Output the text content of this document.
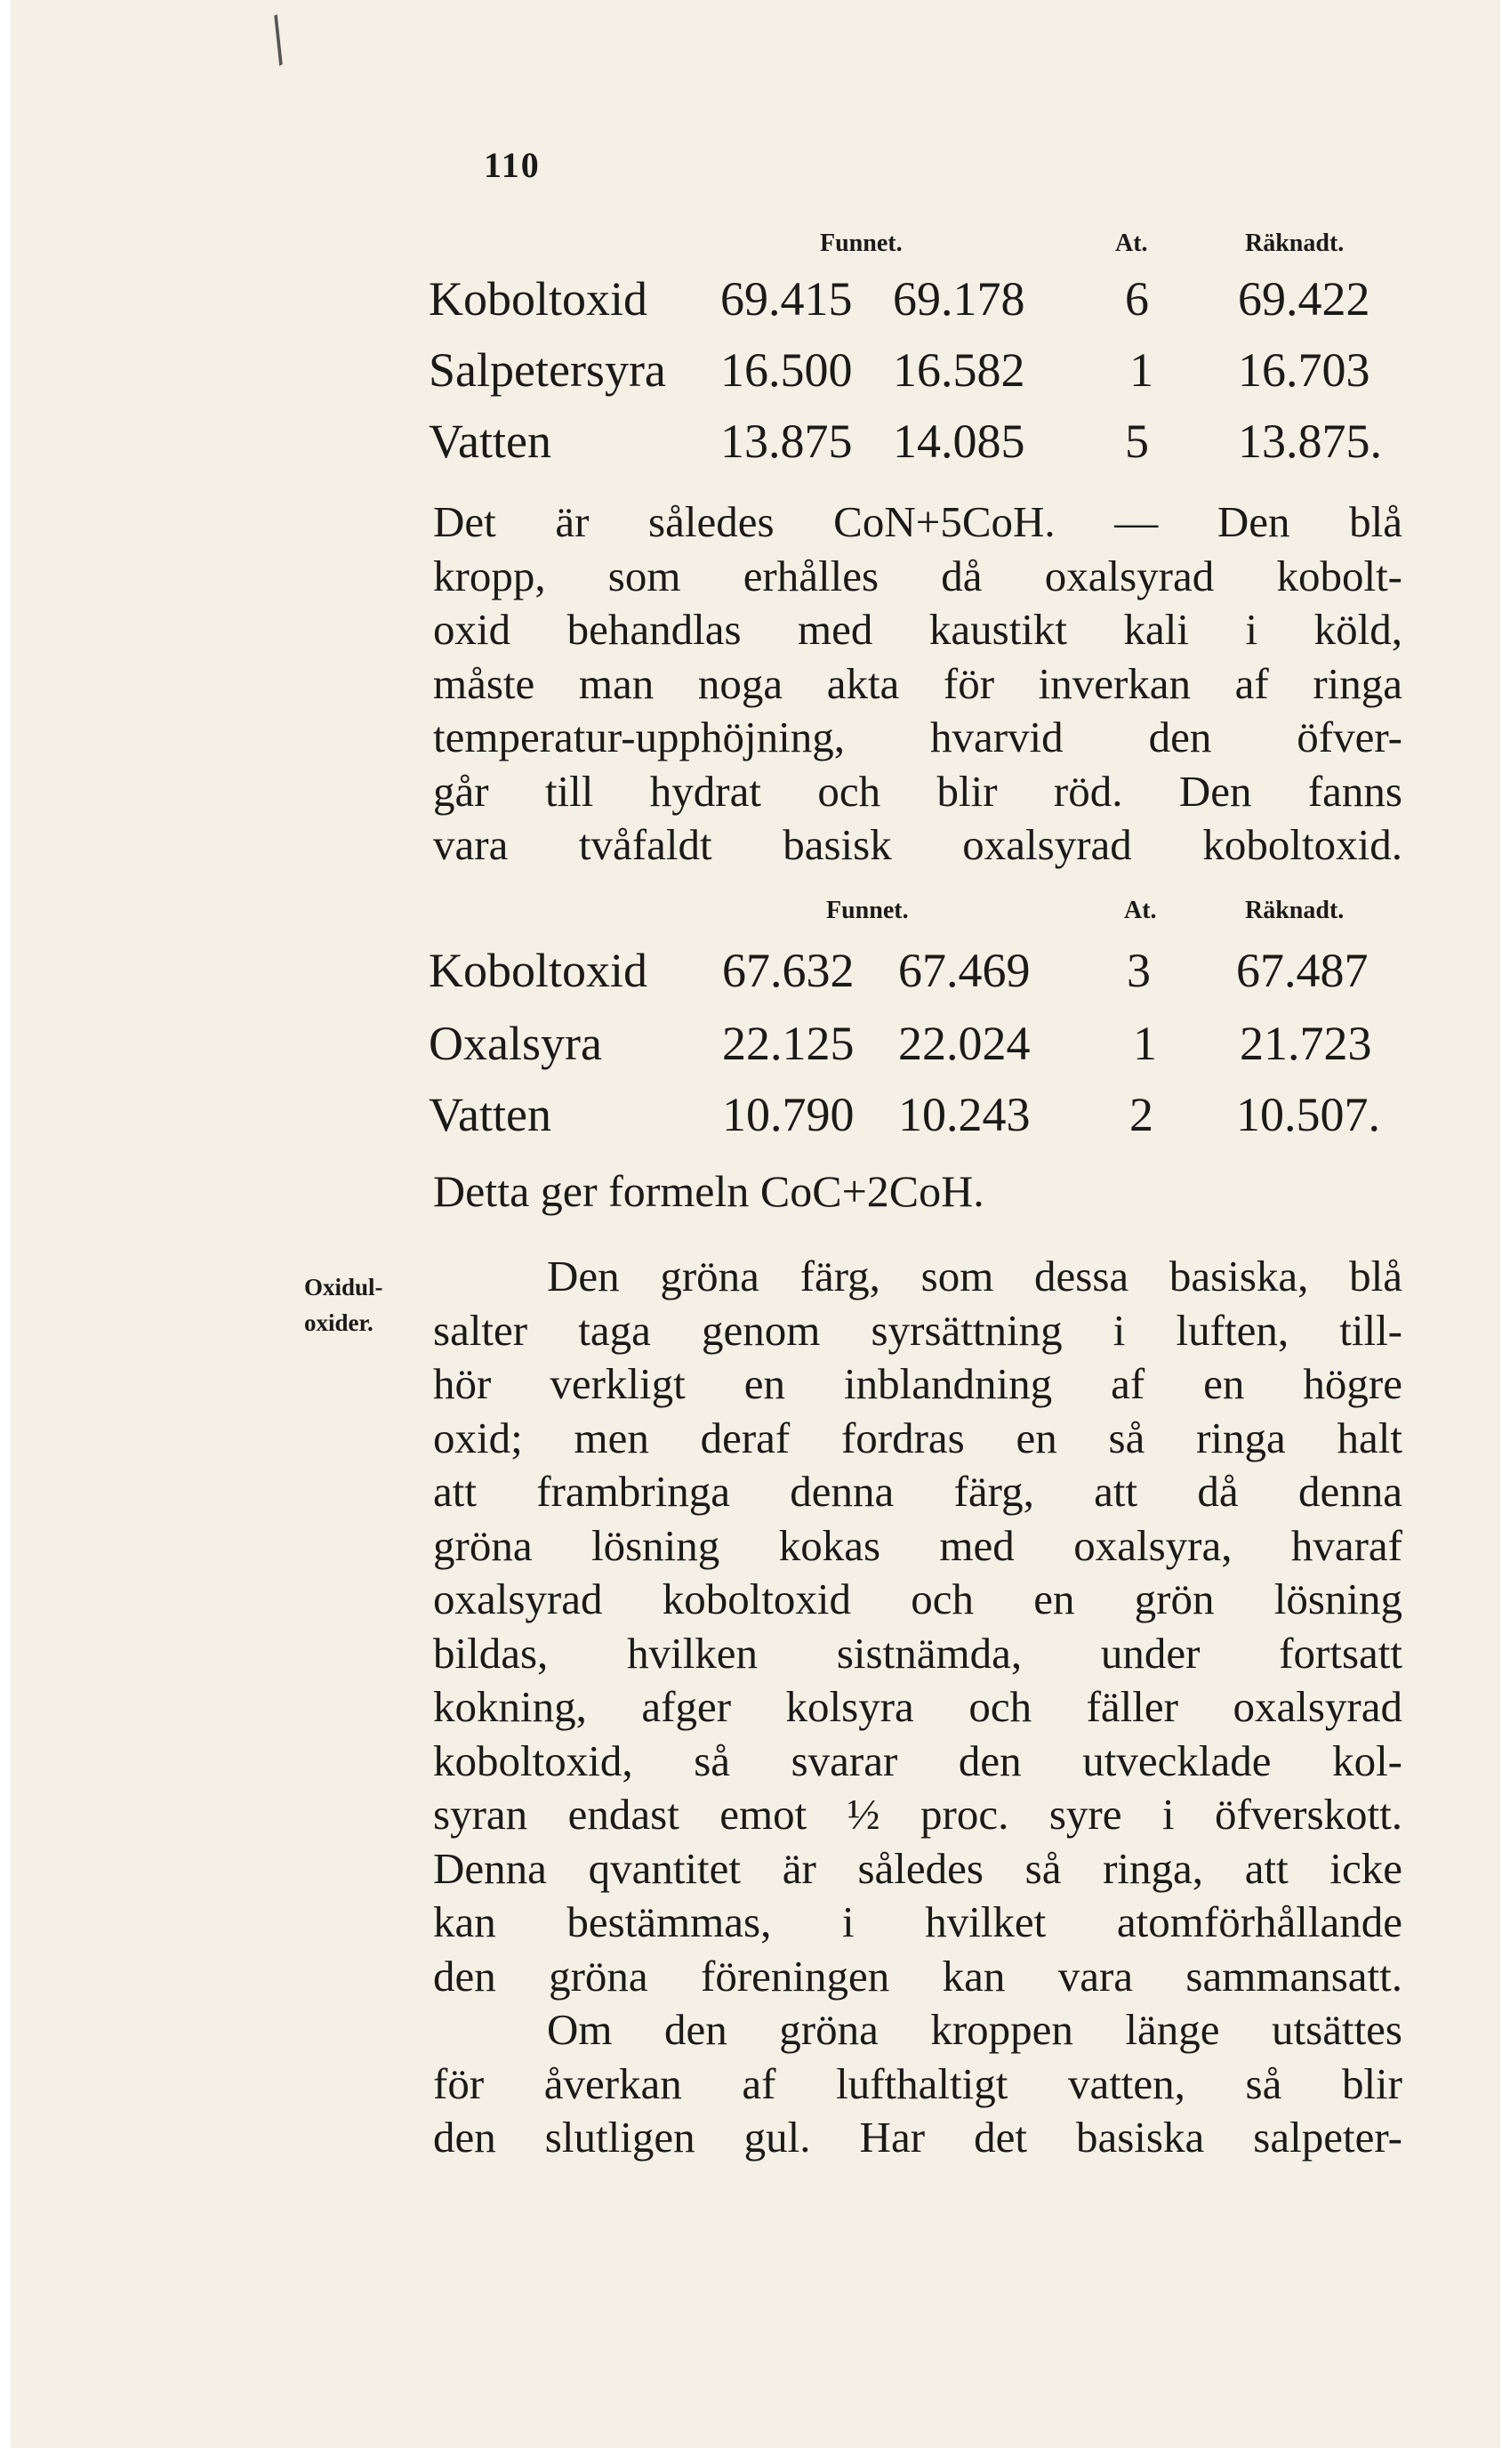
/
110
Funnet.	At.	Räknadt.
Koboltoxid 69.415 69.178 6 69.422
Salpetersyra 16.500 16.582 1 16.703
Vatten	13.875 14.085 5 13.875.
Det är således CoN+5CoH. — Den blå
kropp, som erhålles då oxalsyrad kobolt-
oxid behandlas med kaustikt kali i köld,
måste man noga akta för inverkan af ringa
temperatur-upphöjning, hvarvid den öfver-
går till hydrat och blir röd. Den fanns
vara tvåfaldt basisk oxalsyrad koboltoxid.
Funnet.	At.	Räknadt.
Koboltoxid 67.632 67.469 3 67.487
Oxalsyra	22.125 22.024 1 21.723
Vatten	10.790 10.243 2 10.507.
Detta ger formeln CoC+2CoH.
Oxidul-
oxider.
Den gröna färg, som dessa basiska, blå
salter taga genom syrsättning i luften, till-
hör verkligt en inblandning af en högre
oxid; men deraf fordras en så ringa halt
att frambringa denna färg, att då denna
gröna lösning kokas med oxalsyra, hvaraf
oxalsyrad koboltoxid och en grön lösning
bildas, hvilken sistnämda, under fortsatt
kokning, afger kolsyra och fäller oxalsyrad
koboltoxid, så svarar den utvecklade kol-
syran endast emot ½ proc. syre i öfverskott.
Denna qvantitet är således så ringa, att icke
kan bestämmas, i hvilket atomförhållande
den gröna föreningen kan vara sammansatt.
Om den gröna kroppen länge utsättes
för åverkan af lufthaltigt vatten, så blir
den slutligen gul. Har det basiska salpeter-
